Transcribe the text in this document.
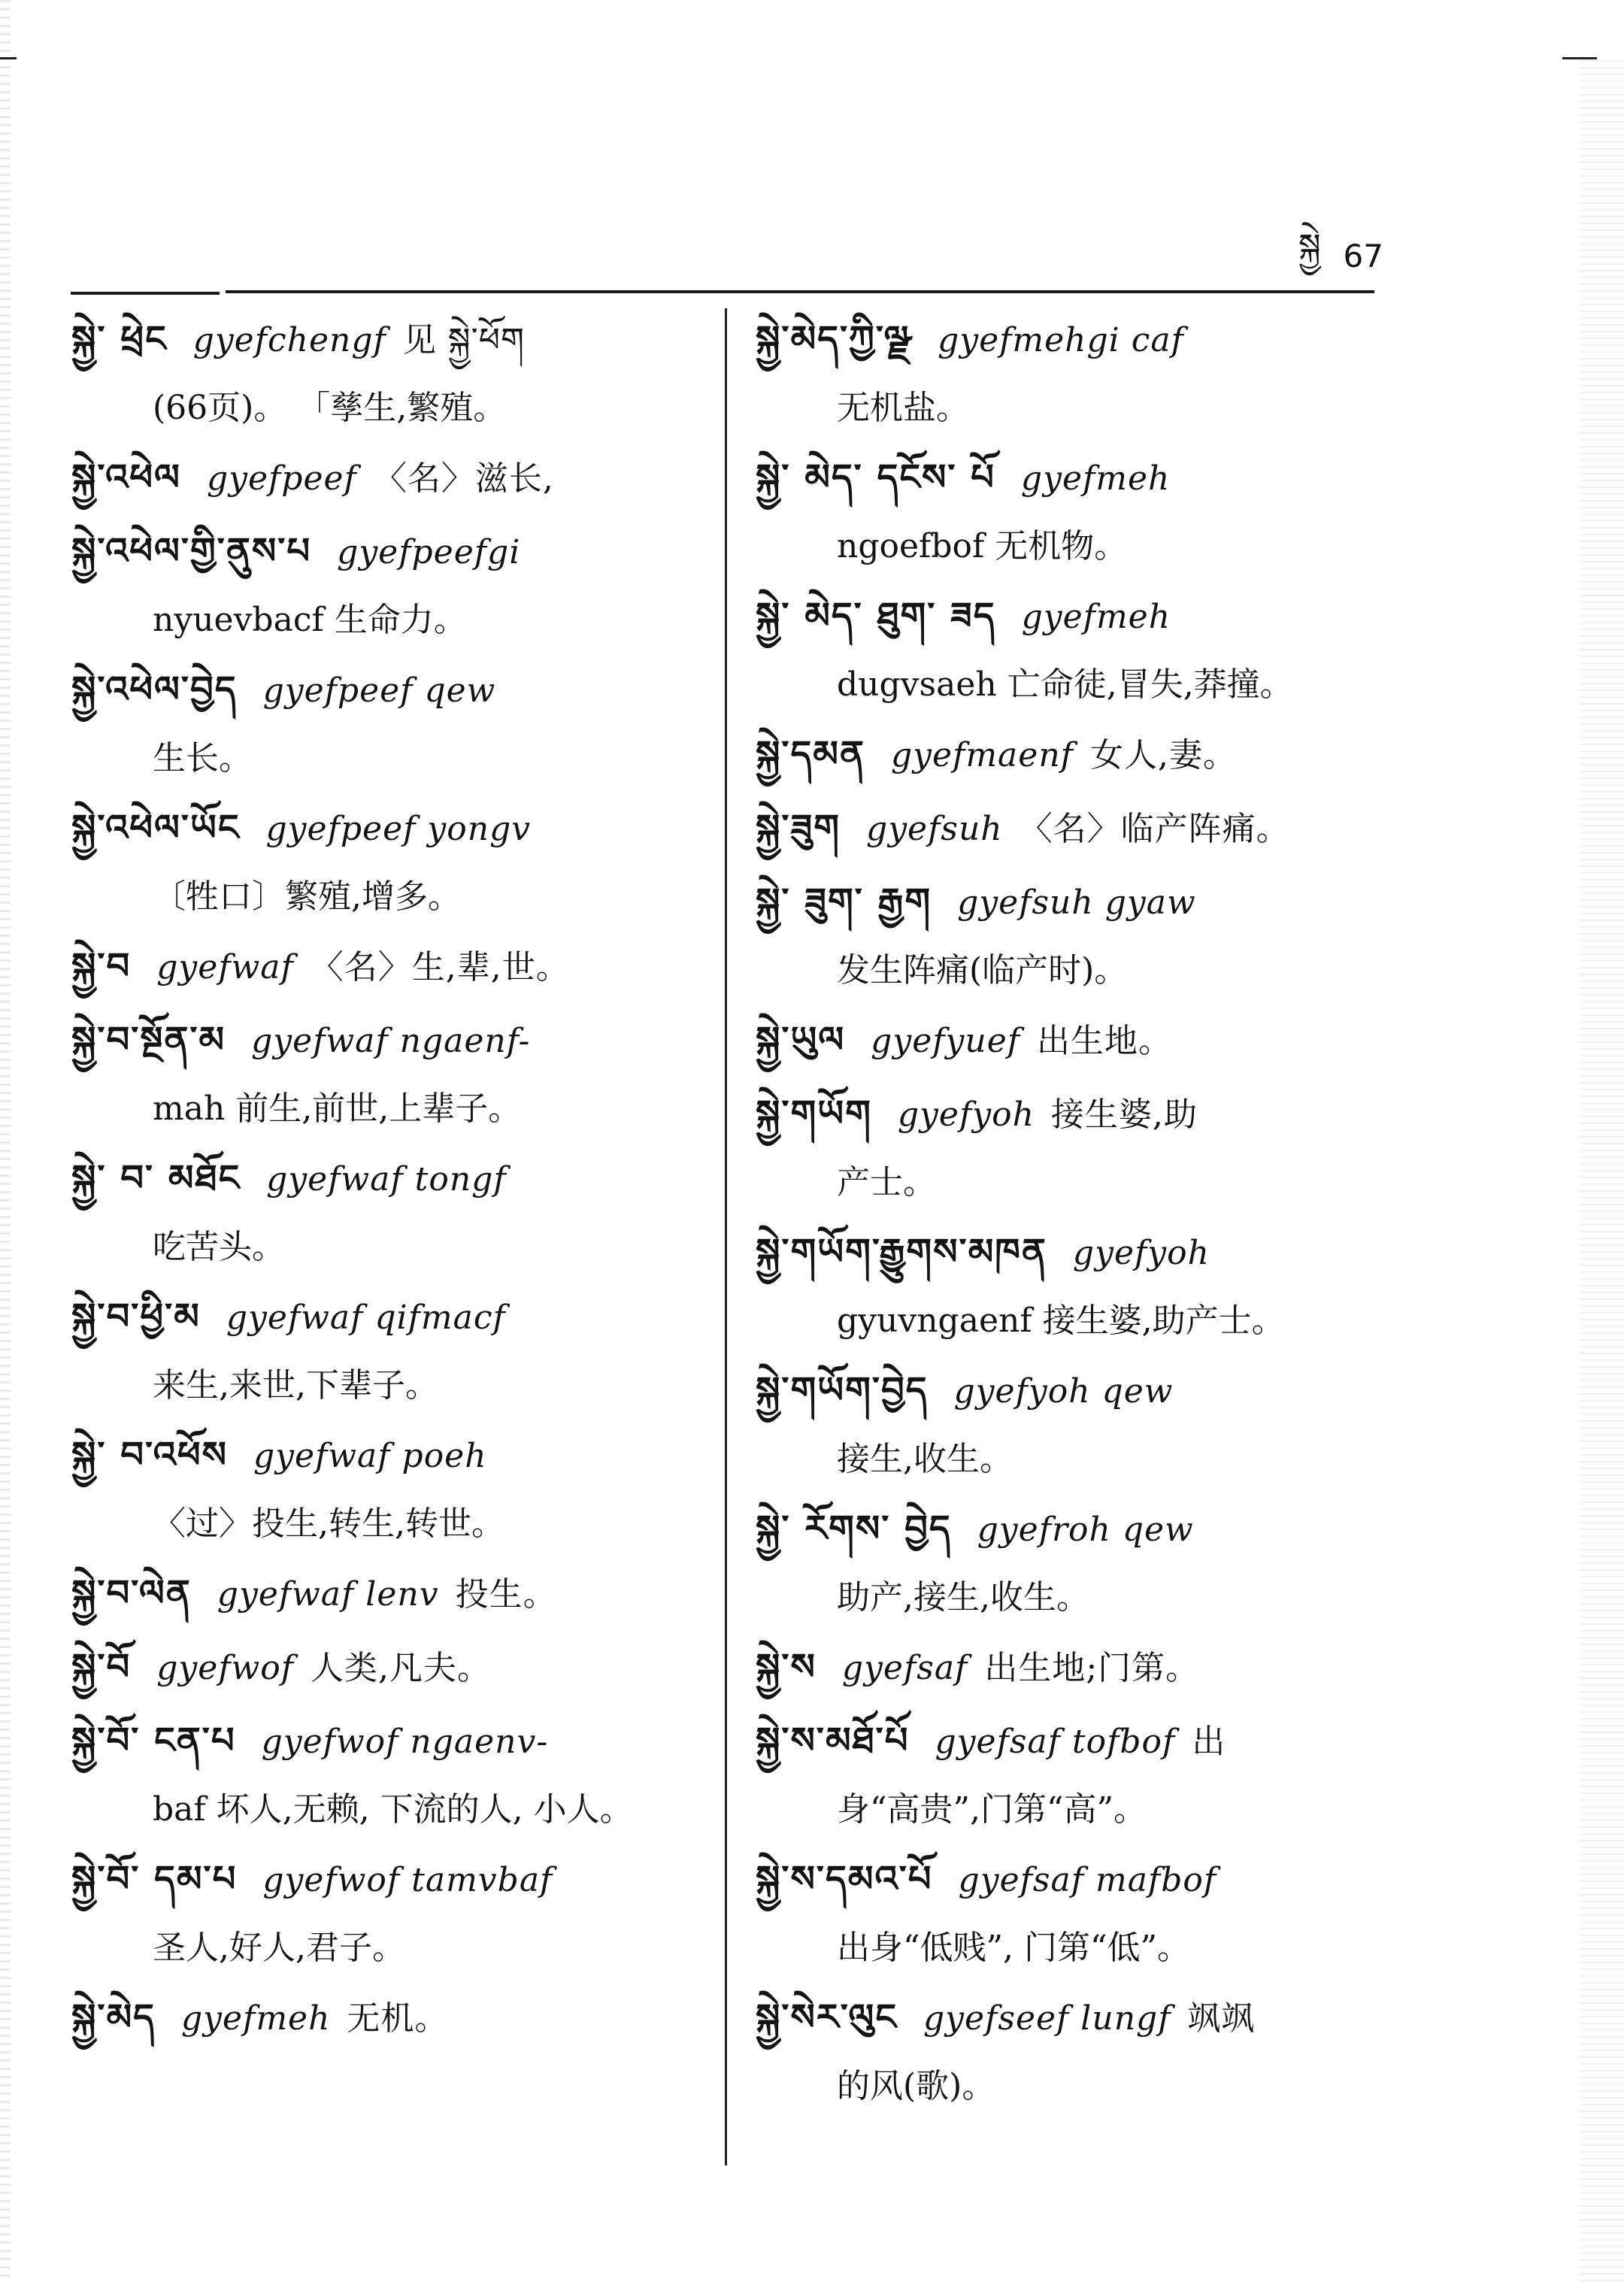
སྐྱེ 67
སྐྱེ་ ཕྲེང gyefchengf 见 སྐྱེ་ཕོག
(66页)。 「孳生,繁殖。
སྐྱེ་འཕེལ gyefpeef 〈名〉滋长,
སྐྱེ་འཕེལ་གྱི་ནུས་པ gyefpeefgi
nyuevbacf 生命力。
སྐྱེ་འཕེལ་བྱེད gyefpeef qew
生长。
སྐྱེ་འཕེལ་ཡོང gyefpeef yongv
〔牲口〕繁殖,增多。
སྐྱེ་བ gyefwaf 〈名〉生,辈,世。
སྐྱེ་བ་སྔོན་མ gyefwaf ngaenf-
mah 前生,前世,上辈子。
སྐྱེ་ བ་ མཐོང gyefwaf tongf
吃苦头。
སྐྱེ་བ་ཕྱི་མ gyefwaf qifmacf
来生,来世,下辈子。
སྐྱེ་ བ་འཕོས gyefwaf poeh
〈过〉投生,转生,转世。
སྐྱེ་བ་ལེན gyefwaf lenv 投生。
སྐྱེ་བོ gyefwof 人类,凡夫。
སྐྱེ་བོ་ ངན་པ gyefwof ngaenv-
baf 坏人,无赖, 下流的人, 小人。
སྐྱེ་བོ་ དམ་པ gyefwof tamvbaf
圣人,好人,君子。
སྐྱེ་མེད gyefmeh 无机。
སྐྱེ་མེད་ཀྱི་ལྫ gyefmehgi caf
无机盐。
སྐྱེ་ མེད་ དངོས་ པོ gyefmeh
ngoefbof 无机物。
སྐྱེ་ མེད་ ཐུག་ ཟད gyefmeh
dugvsaeh 亡命徒,冒失,莽撞。
སྐྱེ་དམན gyefmaenf 女人,妻。
སྐྱེ་ཟུག gyefsuh 〈名〉临产阵痛。
སྐྱེ་ ཟུག་ རྒྱག gyefsuh gyaw
发生阵痛(临产时)。
སྐྱེ་ཡུལ gyefyuef 出生地。
སྐྱེ་གཡོག gyefyoh 接生婆,助
产士。
སྐྱེ་གཡོག་རྒྱུགས་མཁན gyefyoh
gyuvngaenf 接生婆,助产士。
སྐྱེ་གཡོག་བྱེད gyefyoh qew
接生,收生。
སྐྱེ་ རོགས་ བྱེད gyefroh qew
助产,接生,收生。
སྐྱེ་ས gyefsaf 出生地;门第。
སྐྱེ་ས་མཐོ་པོ gyefsaf tofbof 出
身“高贵”,门第“高”。
སྐྱེ་ས་དམའ་པོ gyefsaf mafbof
出身“低贱”, 门第“低”。
སྐྱེ་སེར་ལུང gyefseef lungf 飒飒
的风(歌)。
